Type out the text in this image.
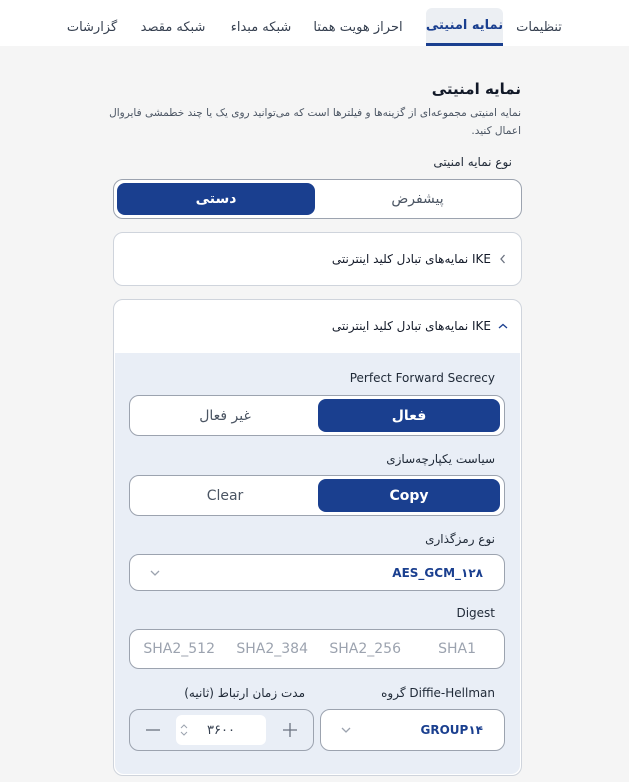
تنظیمات
نمایه امنیتی
احراز هویت همتا
شبکه مبداء
شبکه مقصد
گزارشات
نمایه امنیتی
نمایه امنیتی مجموعه‌ای از گزینه‌ها و فیلترها است که می‌توانید روی یک یا چند خطمشی فایروال اعمال کنید.
نوع نمایه امنیتی
پیشفرض
دستی
IKE نمایه‌های تبادل کلید اینترنتی
IKE نمایه‌های تبادل کلید اینترنتی
Perfect Forward Secrecy
فعال
غیر فعال
سیاست یکپارچه‌سازی
Copy
Clear
نوع رمزگذاری
AES_GCM_۱۲۸
Digest
SHA1
SHA2_256
SHA2_384
SHA2_512
گروه Diffie-Hellman
GROUP۱۴
مدت زمان ارتباط (ثانیه)
۳۶۰۰
